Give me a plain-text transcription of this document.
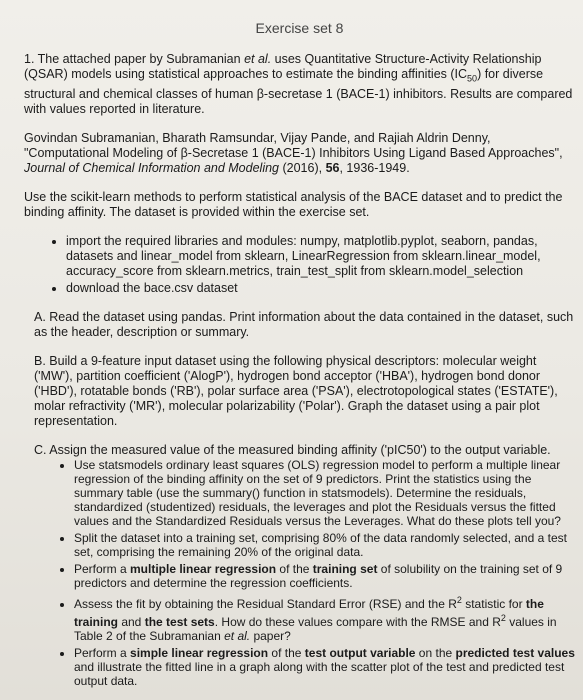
Exercise set 8

1. The attached paper by Subramanian et al. uses Quantitative Structure-Activity Relationship (QSAR) models using statistical approaches to estimate the binding affinities $(IC_{50})$ for diverse structural and chemical classes of human β-secretase 1 (BACE-1) inhibitors. Results are compared with values reported in literature.

Govindan Subramanian, Bharath Ramsundar, Vijay Pande, and Rajiah Aldrin Denny, "Computational Modeling of β-Secretase 1 (BACE-1) Inhibitors Using Ligand Based Approaches", Journal of Chemical Information and Modeling (2016), 56, 1936-1949.

Use the scikit-learn methods to perform statistical analysis of the BACE dataset and to predict the binding affinity. The dataset is provided within the exercise set.

• import the required libraries and modules: numpy, matplotlib.pyplot, seaborn, pandas, datasets and linear_model from sklearn, LinearRegression from sklearn.linear_model, accuracy_score from sklearn.metrics, train_test_split from sklearn.model_selection
• download the bace.csv dataset

A. Read the dataset using pandas. Print information about the data contained in the dataset, such as the header, description or summary.

B. Build a 9-feature input dataset using the following physical descriptors: molecular weight ('MW'), partition coefficient ('AlogP'), hydrogen bond acceptor ('HBA'), hydrogen bond donor ('HBD'), rotatable bonds ('RB'), polar surface area ('PSA'), electrotopological states ('ESTATE'), molar refractivity ('MR'), molecular polarizability ('Polar'). Graph the dataset using a pair plot representation.

C. Assign the measured value of the measured binding affinity ('pIC50') to the output variable.
• Use statsmodels ordinary least squares (OLS) regression model to perform a multiple linear regression of the binding affinity on the set of 9 predictors. Print the statistics using the summary table (use the summary() function in statsmodels). Determine the residuals, standardized (studentized) residuals, the leverages and plot the Residuals versus the fitted values and the Standardized Residuals versus the Leverages. What do these plots tell you?
• Split the dataset into a training set, comprising 80% of the data randomly selected, and a test set, comprising the remaining 20% of the original data.
• Perform a multiple linear regression of the training set of solubility on the training set of 9 predictors and determine the regression coefficients.
• Assess the fit by obtaining the Residual Standard Error (RSE) and the $R^2$ statistic for the training and the test sets. How do these values compare with the RMSE and $R^2$ values in Table 2 of the Subramanian et al. paper?
• Perform a simple linear regression of the test output variable on the predicted test values and illustrate the fitted line in a graph along with the scatter plot of the test and predicted test output data.
